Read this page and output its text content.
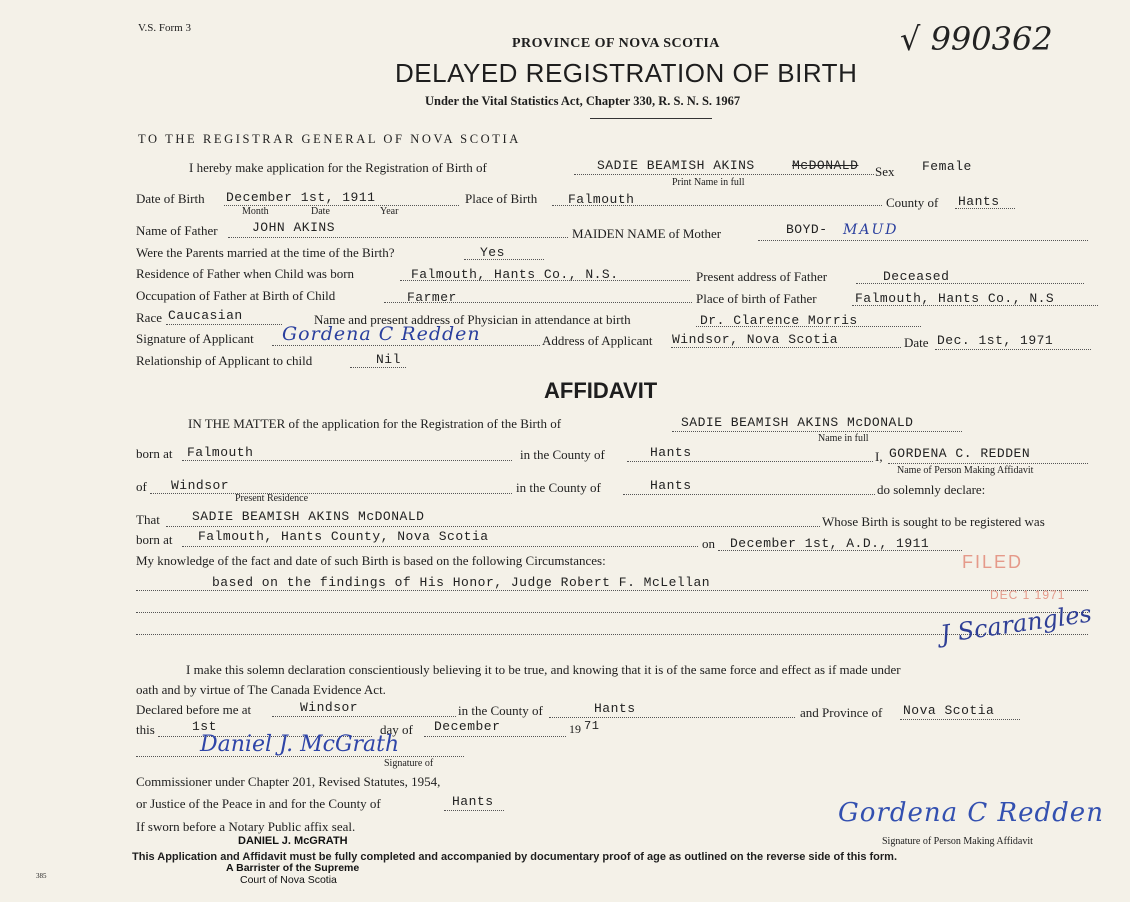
V.S. Form 3
PROVINCE OF NOVA SCOTIA	√ 990362
DELAYED REGISTRATION OF BIRTH
Under the Vital Statistics Act, Chapter 330, R. S. N. S. 1967
TO THE REGISTRAR GENERAL OF NOVA SCOTIA
I hereby make application for the Registration of Birth of	SADIE BEAMISH AKINS	McDONALD
Print Name in full
Sex Female
Date of Birth December 1st, 1911
Month	Date	Year
Place of Birth Falmouth	County of Hants
Name of Father	JOHN AKINS	MAIDEN NAME of Mother	BOYD- MAUD
Were the Parents married at the time of the Birth?	Yes
Residence of Father when Child was born	Falmouth, Hants Co., N.S.	Present address of Father	Deceased
Occupation of Father at Birth of Child	Farmer	Place of birth of Father	Falmouth, Hants Co., N.S
Race Caucasian	Name and present address of Physician in attendance at birth	Dr. Clarence Morris
Signature of Applicant Gordena C Redden	Address of Applicant Windsor, Nova Scotia	Date Dec. 1st, 1971
Relationship of Applicant to child	Nil
AFFIDAVIT
IN THE MATTER of the application for the Registration of the Birth of	SADIE BEAMISH AKINS McDONALD
Name in full
born at Falmouth	in the County of	Hants	I, GORDENA C. REDDEN
Name of Person Making Affidavit
of Windsor
Present Residence
in the County of	Hants	do solemnly declare:
That SADIE BEAMISH AKINS McDONALD	Whose Birth is sought to be registered was
born at Falmouth, Hants County, Nova Scotia	on December 1st, A.D., 1911
My knowledge of the fact and date of such Birth is based on the following Circumstances:
based on the findings of His Honor, Judge Robert F. McLellan
FILED
DEC 1 1971
J Scarangles
I make this solemn declaration conscientiously believing it to be true, and knowing that it is of the same force and effect as if made under
oath and by virtue of The Canada Evidence Act.
Declared before me at	Windsor	in the County of	Hants	and Province of Nova Scotia
this	1st	day of December	19 71
Daniel J. McGrath
Signature of
Commissioner under Chapter 201, Revised Statutes, 1954,
or Justice of the Peace in and for the County of	Hants
If sworn before a Notary Public affix seal.	Gordena C Redden
Signature of Person Making Affidavit
This Application and Affidavit must be fully completed and accompanied by documentary proof of age as outlined on the reverse side of this form.
DANIEL J. McGRATH
A Barrister of the Supreme
Court of Nova Scotia
385
